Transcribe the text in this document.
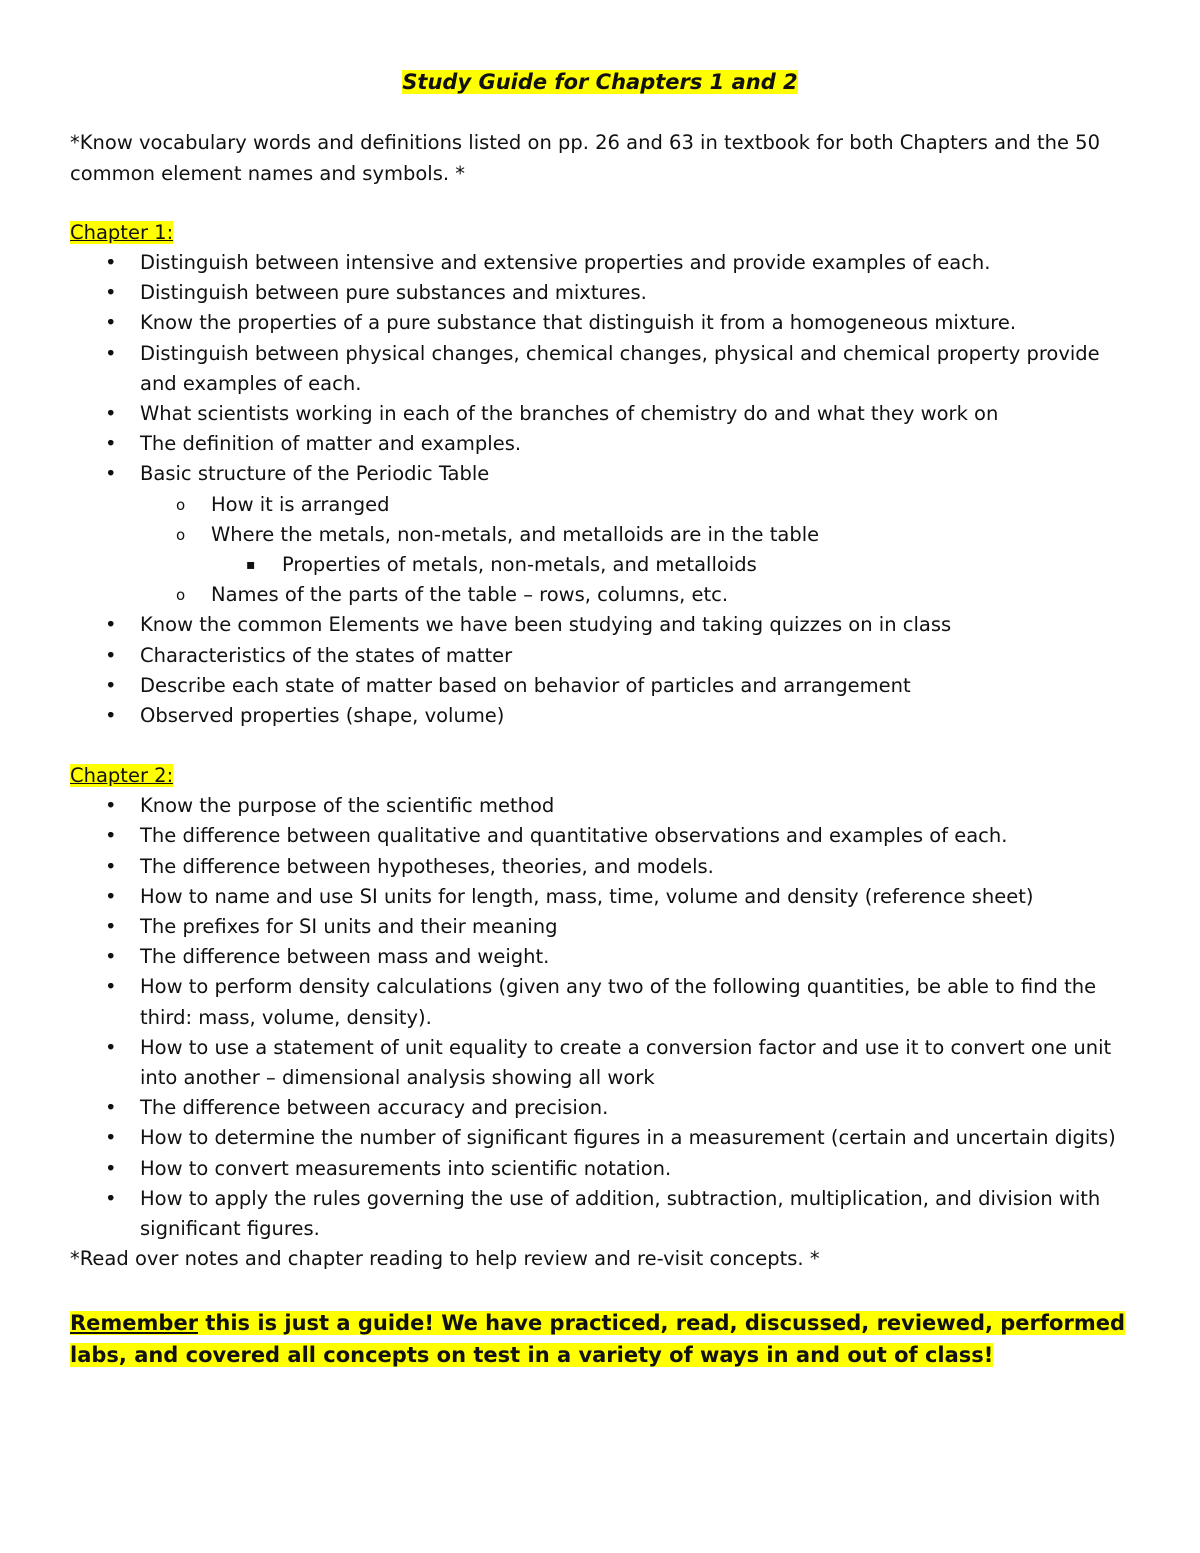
Study Guide for Chapters 1 and 2
*Know vocabulary words and definitions listed on pp. 26 and 63 in textbook for both Chapters and the 50 common element names and symbols. *
Chapter 1:
• Distinguish between intensive and extensive properties and provide examples of each.
• Distinguish between pure substances and mixtures.
• Know the properties of a pure substance that distinguish it from a homogeneous mixture.
• Distinguish between physical changes, chemical changes, physical and chemical property provide and examples of each.
• What scientists working in each of the branches of chemistry do and what they work on
• The definition of matter and examples.
• Basic structure of the Periodic Table
o How it is arranged
o Where the metals, non-metals, and metalloids are in the table
▪ Properties of metals, non-metals, and metalloids
o Names of the parts of the table – rows, columns, etc.
• Know the common Elements we have been studying and taking quizzes on in class
• Characteristics of the states of matter
• Describe each state of matter based on behavior of particles and arrangement
• Observed properties (shape, volume)
Chapter 2:
• Know the purpose of the scientific method
• The difference between qualitative and quantitative observations and examples of each.
• The difference between hypotheses, theories, and models.
• How to name and use SI units for length, mass, time, volume and density (reference sheet)
• The prefixes for SI units and their meaning
• The difference between mass and weight.
• How to perform density calculations (given any two of the following quantities, be able to find the third: mass, volume, density).
• How to use a statement of unit equality to create a conversion factor and use it to convert one unit into another – dimensional analysis showing all work
• The difference between accuracy and precision.
• How to determine the number of significant figures in a measurement (certain and uncertain digits)
• How to convert measurements into scientific notation.
• How to apply the rules governing the use of addition, subtraction, multiplication, and division with significant figures.
*Read over notes and chapter reading to help review and re-visit concepts. *
Remember this is just a guide! We have practiced, read, discussed, reviewed, performed labs, and covered all concepts on test in a variety of ways in and out of class!
